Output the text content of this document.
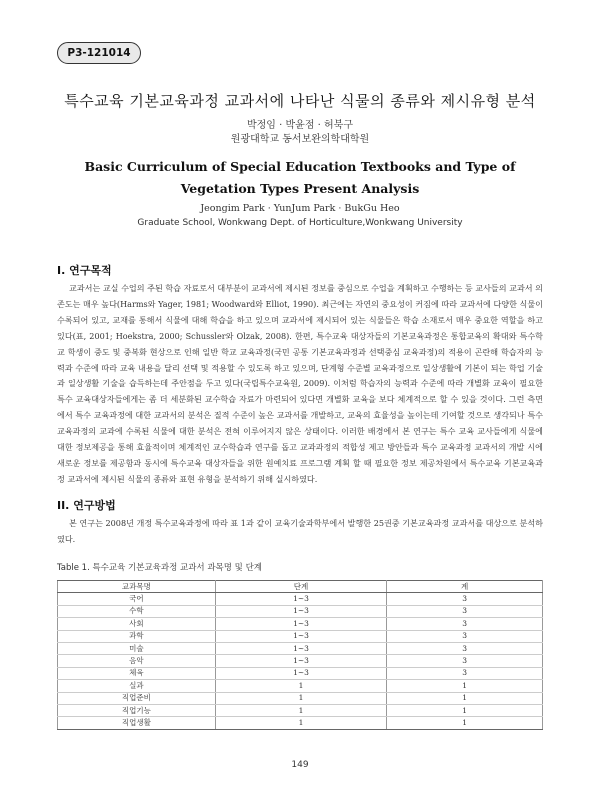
P3-121014
특수교육 기본교육과정 교과서에 나타난 식물의 종류와 제시유형 분석
박정임 · 박윤점 · 허북구
원광대학교 동서보완의학대학원
Basic Curriculum of Special Education Textbooks and Type of
Vegetation Types Present Analysis
Jeongim Park · YunJum Park · BukGu Heo
Graduate School, Wonkwang Dept. of Horticulture,Wonkwang University
I. 연구목적
교과서는 교실 수업의 주된 학습 자료로서 대부분이 교과서에 제시된 정보를 중심으로 수업을 계획하고 수행하는 등 교사들의 교과서 의존도는 매우 높다(Harms와 Yager, 1981; Woodward와 Elliot, 1990). 최근에는 자연의 중요성이 커짐에 따라 교과서에 다양한 식물이 수록되어 있고, 교재를 통해서 식물에 대해 학습을 하고 있으며 교과서에 제시되어 있는 식물들은 학습 소재로서 매우 중요한 역할을 하고 있다(표, 2001; Hoekstra, 2000; Schussler와 Olzak, 2008). 한편, 특수교육 대상자들의 기본교육과정은 통합교육의 확대와 특수학교 학생이 중도 및 중복화 현상으로 인해 일반 학교 교육과정(국민 공통 기본교육과정과 선택중심 교육과정)의 적용이 곤란해 학습자의 능력과 수준에 따라 교육 내용을 달리 선택 및 적용할 수 있도록 하고 있으며, 단계형 수준별 교육과정으로 일상생활에 기본이 되는 학업 기술과 일상생활 기술을 습득하는데 주안점을 두고 있다(국립특수교육원, 2009). 이처럼 학습자의 능력과 수준에 따라 개별화 교육이 필요한 특수 교육대상자들에게는 좀 더 세분화된 교수학습 자료가 마련되어 있다면 개별화 교육을 보다 체계적으로 할 수 있을 것이다. 그런 측면에서 특수 교육과정에 대한 교과서의 분석은 질적 수준이 높은 교과서를 개발하고, 교육의 효율성을 높이는데 기여할 것으로 생각되나 특수 교육과정의 교과에 수록된 식물에 대한 분석은 전혀 이루어지지 않은 상태이다. 이러한 배경에서 본 연구는 특수 교육 교사들에게 식물에 대한 정보제공을 통해 효율적이며 체계적인 교수학습과 연구를 돕고 교과과정의 적합성 제고 방안들과 특수 교육과정 교과서의 개발 시에 새로운 정보를 제공함과 동시에 특수교육 대상자들을 위한 원예치료 프로그램 계획 할 때 필요한 정보 제공차원에서 특수교육 기본교육과정 교과서에 제시된 식물의 종류와 표현 유형을 분석하기 위해 실시하였다.
II. 연구방법
본 연구는 2008년 개정 특수교육과정에 따라 표 1과 같이 교육기술과학부에서 발행한 25권중 기본교육과정 교과서를 대상으로 분석하였다.
Table 1. 특수교육 기본교육과정 교과서 과목명 및 단계
교과목명	단계	계
국어	1~3	3
수학	1~3	3
사회	1~3	3
과학	1~3	3
미술	1~3	3
음악	1~3	3
체육	1~3	3
실과	1	1
직업준비	1	1
직업기능	1	1
직업생활	1	1
149
